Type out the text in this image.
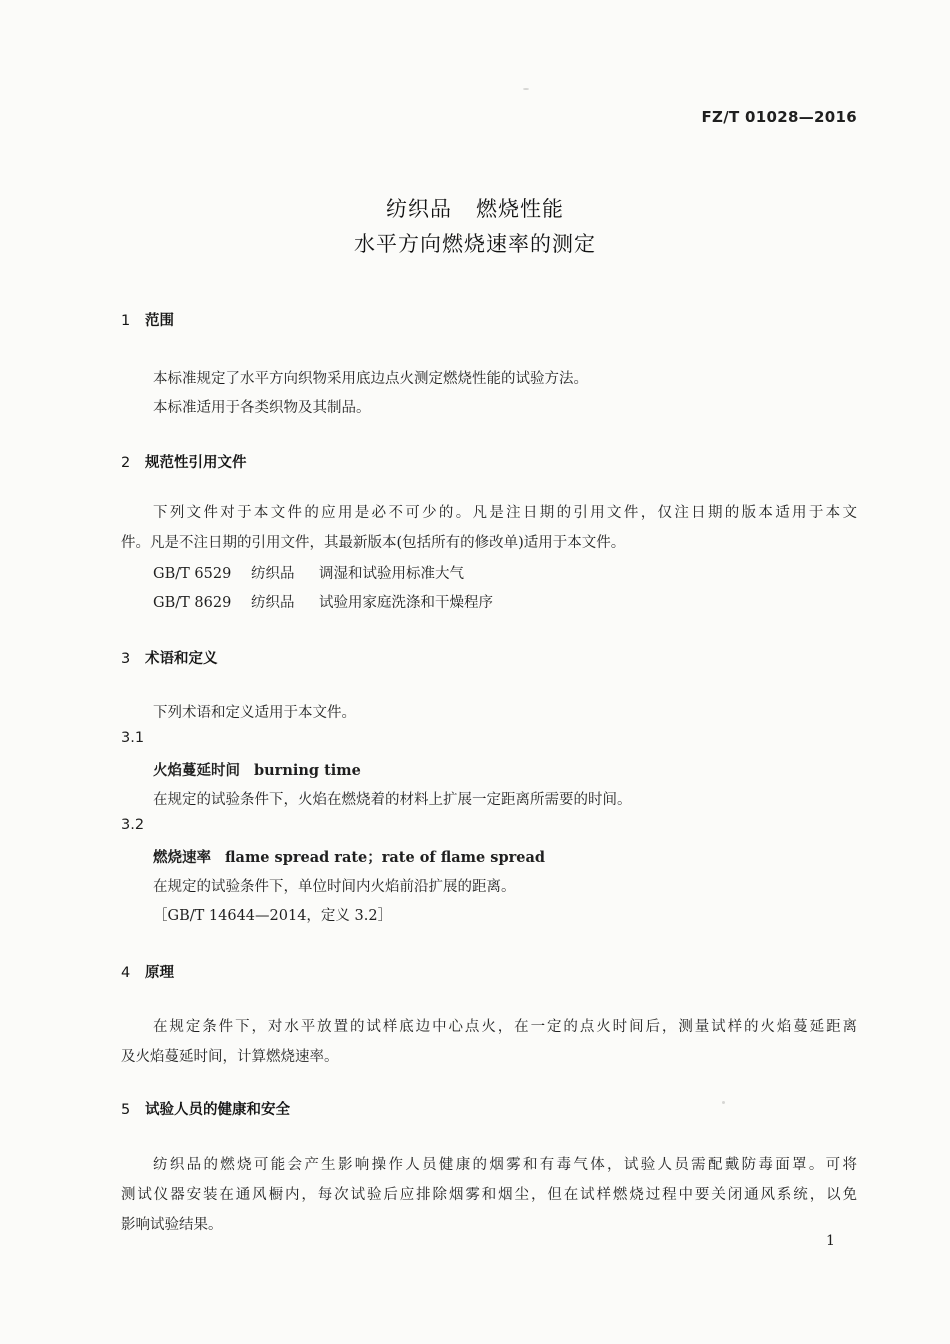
FZ/T 01028—2016
纺织品 燃烧性能
水平方向燃烧速率的测定
1 范围
本标准规定了水平方向织物采用底边点火测定燃烧性能的试验方法。
本标准适用于各类织物及其制品。
2 规范性引用文件
下列文件对于本文件的应用是必不可少的。凡是注日期的引用文件，仅注日期的版本适用于本文
件。凡是不注日期的引用文件，其最新版本(包括所有的修改单)适用于本文件。
GB/T 6529 纺织品 调湿和试验用标准大气
GB/T 8629 纺织品 试验用家庭洗涤和干燥程序
3 术语和定义
下列术语和定义适用于本文件。
3.1
火焰蔓延时间 burning time
在规定的试验条件下，火焰在燃烧着的材料上扩展一定距离所需要的时间。
3.2
燃烧速率 flame spread rate；rate of flame spread
在规定的试验条件下，单位时间内火焰前沿扩展的距离。
［GB/T 14644—2014，定义 3.2］
4 原理
在规定条件下，对水平放置的试样底边中心点火，在一定的点火时间后，测量试样的火焰蔓延距离
及火焰蔓延时间，计算燃烧速率。
5 试验人员的健康和安全
纺织品的燃烧可能会产生影响操作人员健康的烟雾和有毒气体，试验人员需配戴防毒面罩。可将
测试仪器安装在通风橱内，每次试验后应排除烟雾和烟尘，但在试样燃烧过程中要关闭通风系统，以免
影响试验结果。
1
